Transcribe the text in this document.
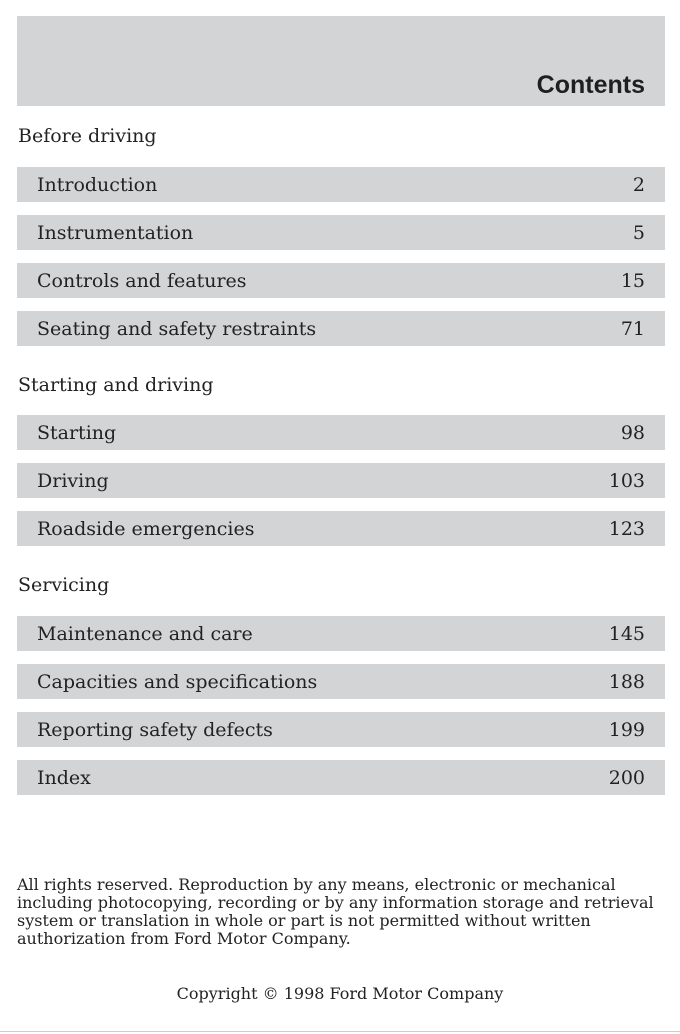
Contents
Before driving
Introduction	2
Instrumentation	5
Controls and features	15
Seating and safety restraints	71
Starting and driving
Starting	98
Driving	103
Roadside emergencies	123
Servicing
Maintenance and care	145
Capacities and specifications	188
Reporting safety defects	199
Index	200
All rights reserved. Reproduction by any means, electronic or mechanical including photocopying, recording or by any information storage and retrieval system or translation in whole or part is not permitted without written authorization from Ford Motor Company.
Copyright © 1998 Ford Motor Company
